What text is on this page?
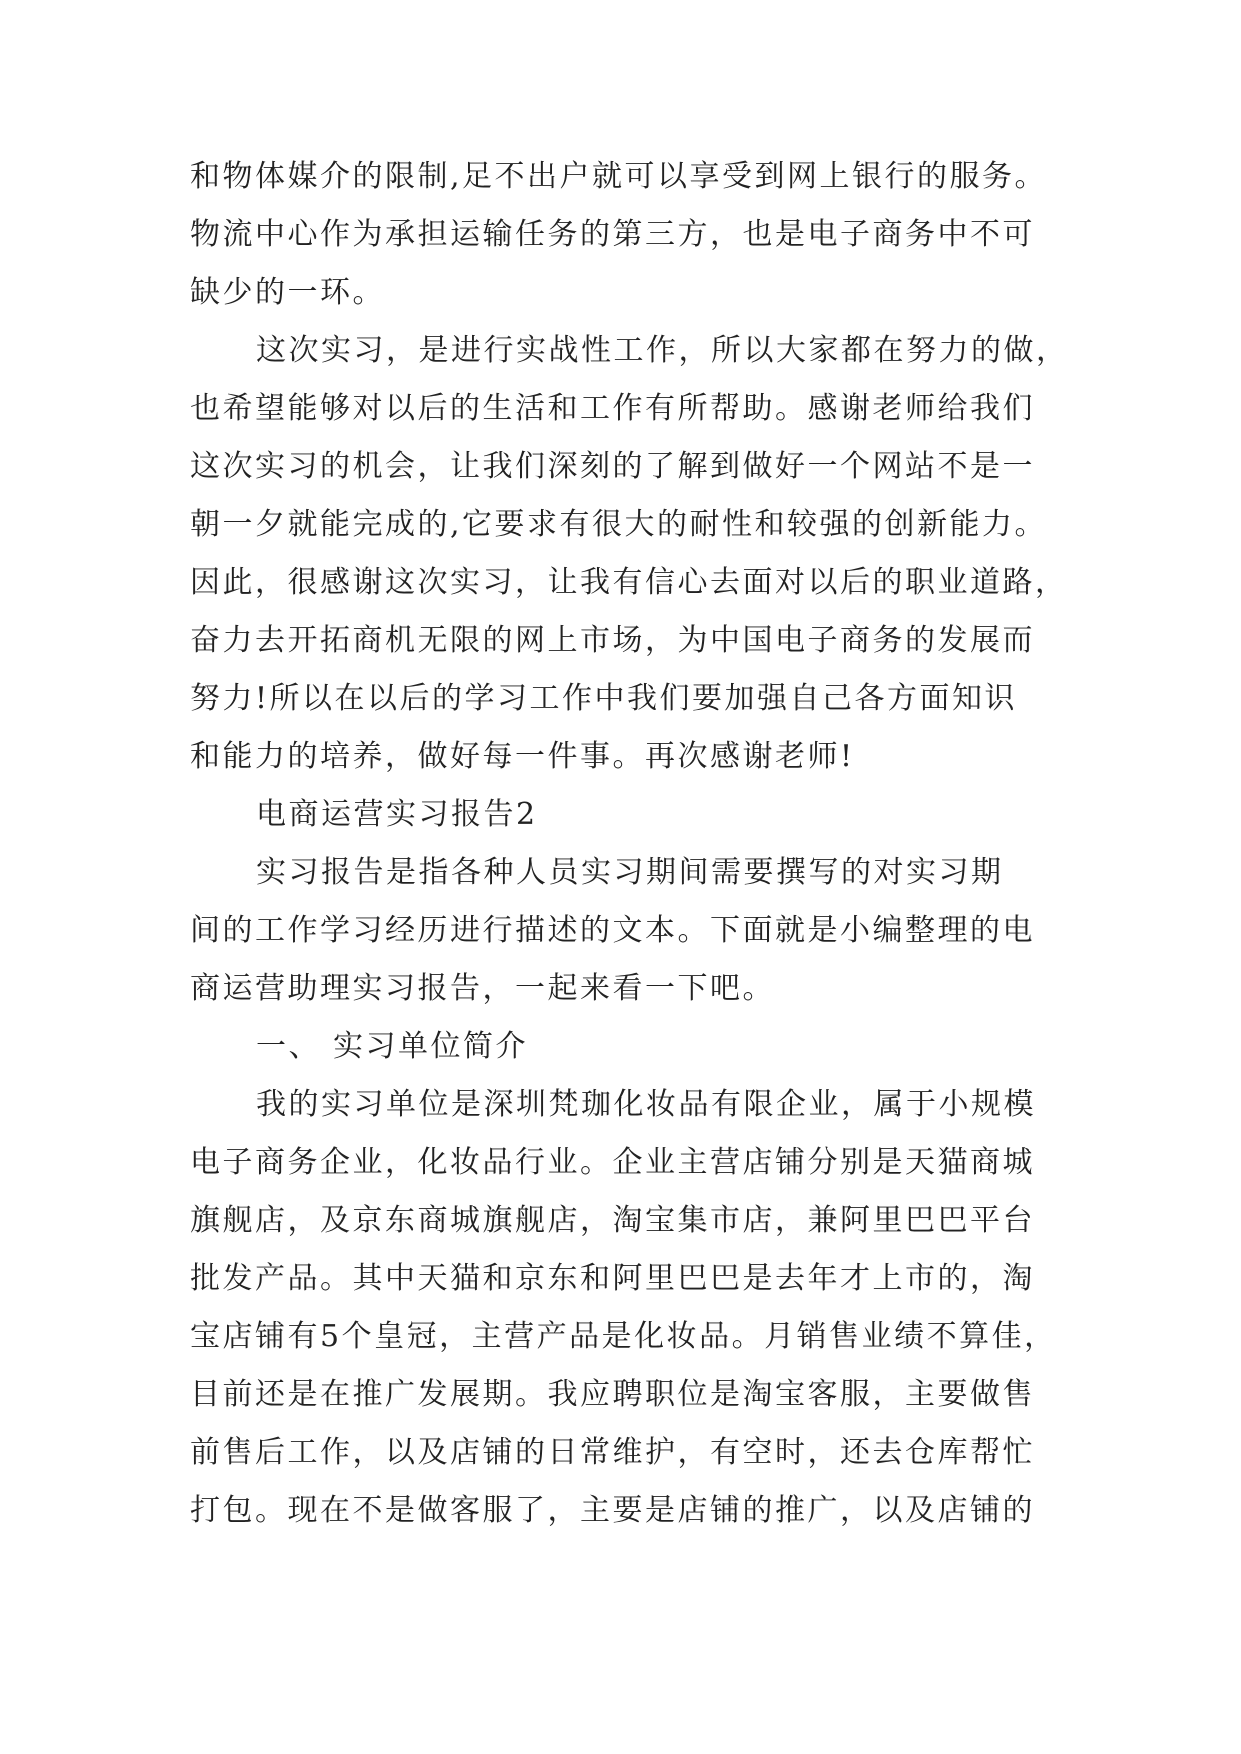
和物体媒介的限制,足不出户就可以享受到网上银行的服务。
物流中心作为承担运输任务的第三方，也是电子商务中不可
缺少的一环。
这次实习，是进行实战性工作，所以大家都在努力的做，
也希望能够对以后的生活和工作有所帮助。感谢老师给我们
这次实习的机会，让我们深刻的了解到做好一个网站不是一
朝一夕就能完成的,它要求有很大的耐性和较强的创新能力。
因此，很感谢这次实习，让我有信心去面对以后的职业道路，
奋力去开拓商机无限的网上市场，为中国电子商务的发展而
努力!所以在以后的学习工作中我们要加强自己各方面知识
和能力的培养，做好每一件事。再次感谢老师!
电商运营实习报告2
实习报告是指各种人员实习期间需要撰写的对实习期
间的工作学习经历进行描述的文本。下面就是小编整理的电
商运营助理实习报告，一起来看一下吧。
一、 实习单位简介
我的实习单位是深圳梵珈化妆品有限企业，属于小规模
电子商务企业，化妆品行业。企业主营店铺分别是天猫商城
旗舰店，及京东商城旗舰店，淘宝集市店，兼阿里巴巴平台
批发产品。其中天猫和京东和阿里巴巴是去年才上市的，淘
宝店铺有5个皇冠，主营产品是化妆品。月销售业绩不算佳，
目前还是在推广发展期。我应聘职位是淘宝客服，主要做售
前售后工作，以及店铺的日常维护，有空时，还去仓库帮忙
打包。现在不是做客服了，主要是店铺的推广，以及店铺的
